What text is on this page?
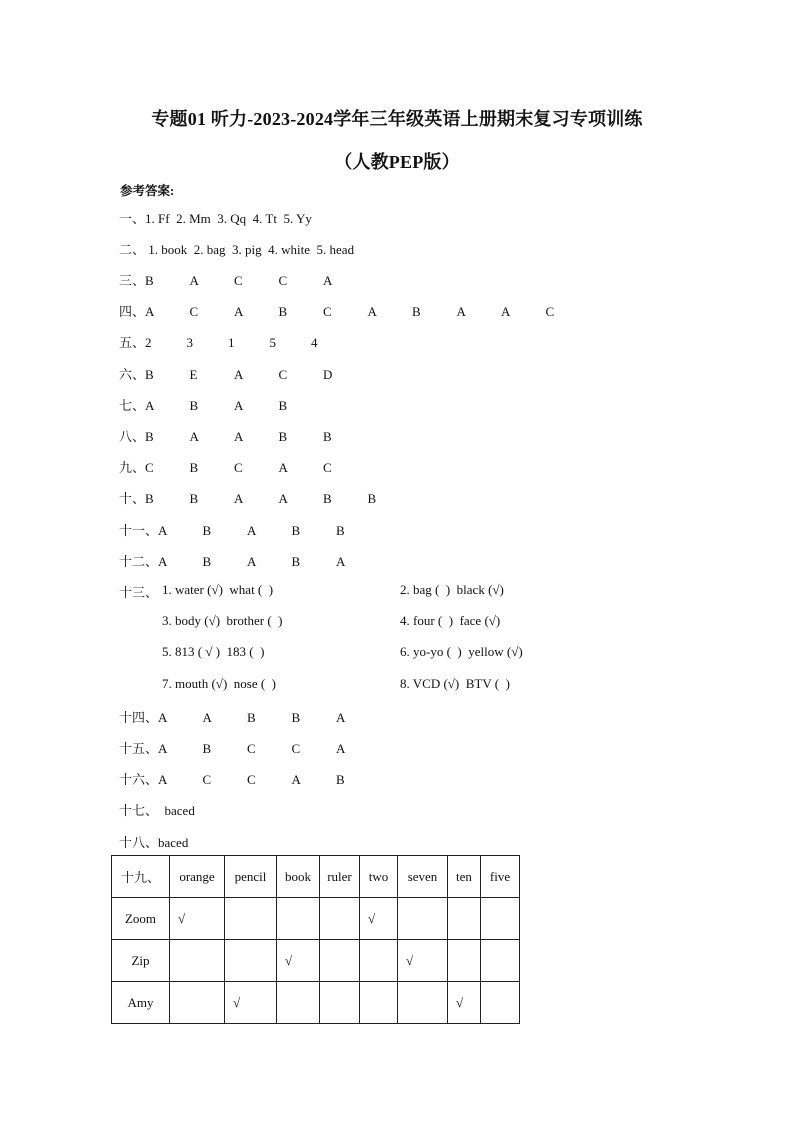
专题01 听力-2023-2024学年三年级英语上册期末复习专项训练
（人教PEP版）
参考答案:
一、1. Ff  2. Mm  3. Qq  4. Tt  5. Yy
二、 1. book  2. bag  3. pig  4. white  5. head
三、B	A	C	C	A
四、A	C	A	B	C	A	B	A	A	C
五、2	3	1	5	4
六、B	E	A	C	D
七、A	B	A	B
八、B	A	A	B	B
九、C	B	C	A	C
十、B	B	A	A	B	B
十一、A	B	A	B	B
十二、A	B	A	B	A
十三、 1. water (√)  what (  )	2. bag (  )  black (√)
3. body (√)  brother (  )	4. four (  )  face (√)
5. 813 ( √ )  183 (  )	6. yo-yo (  )  yellow (√)
7. mouth (√)  nose (  )	8. VCD (√)  BTV (  )
十四、A	A	B	B	A
十五、A	B	C	C	A
十六、A	C	C	A	B
十七、  baced
十八、baced
十九、	orange	pencil	book	ruler	two	seven	ten	five
Zoom	√				√			
Zip			√			√		
Amy		√					√	
